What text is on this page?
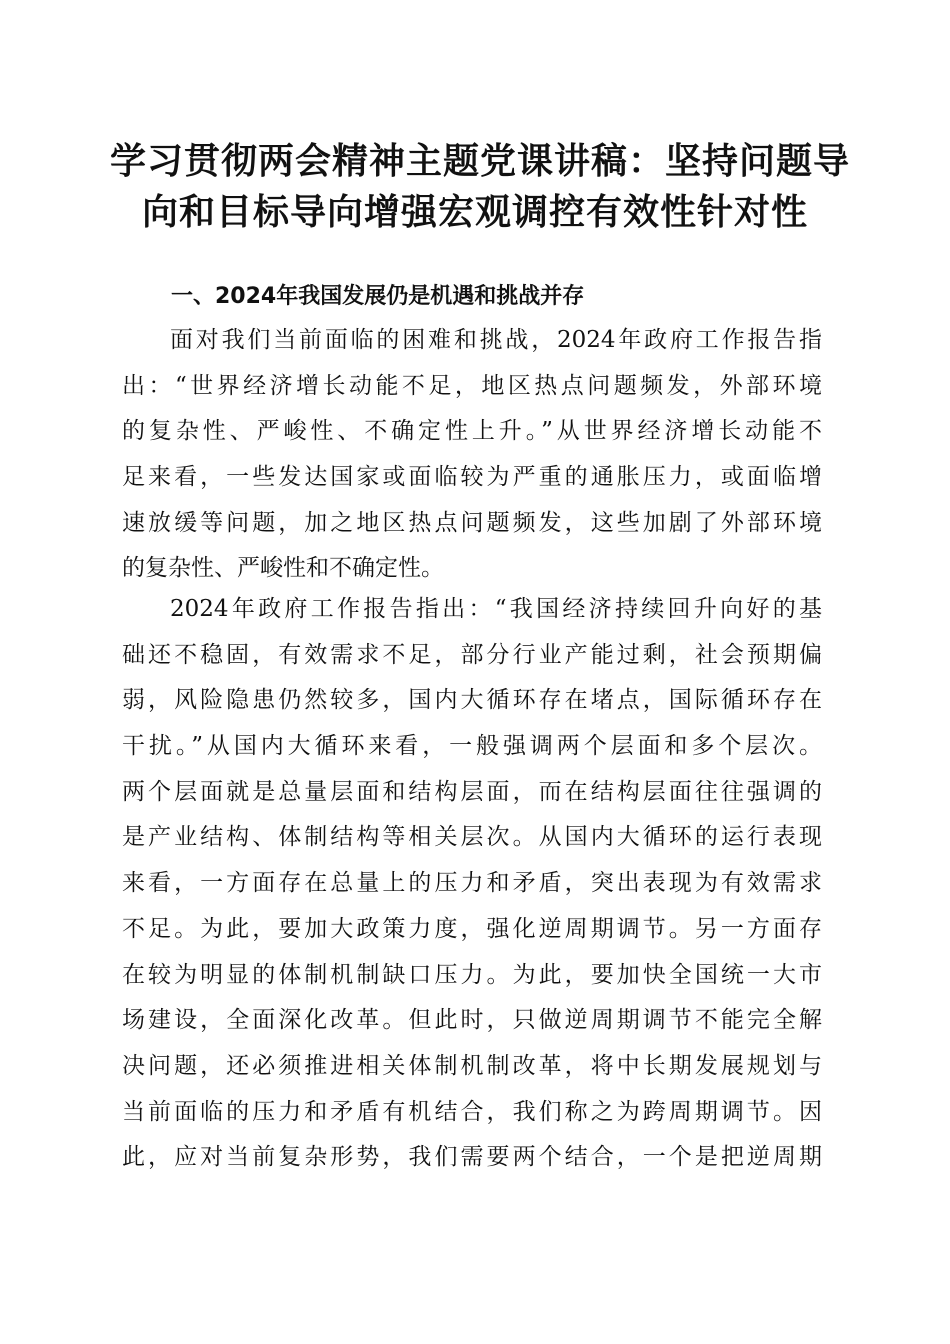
学习贯彻两会精神主题党课讲稿：坚持问题导
向和目标导向增强宏观调控有效性针对性
一、2024年我国发展仍是机遇和挑战并存
面对我们当前面临的困难和挑战，2024年政府工作报告指
出：“世界经济增长动能不足，地区热点问题频发，外部环境
的复杂性、严峻性、不确定性上升。”从世界经济增长动能不
足来看，一些发达国家或面临较为严重的通胀压力，或面临增
速放缓等问题，加之地区热点问题频发，这些加剧了外部环境
的复杂性、严峻性和不确定性。
2024年政府工作报告指出：“我国经济持续回升向好的基
础还不稳固，有效需求不足，部分行业产能过剩，社会预期偏
弱，风险隐患仍然较多，国内大循环存在堵点，国际循环存在
干扰。”从国内大循环来看，一般强调两个层面和多个层次。
两个层面就是总量层面和结构层面，而在结构层面往往强调的
是产业结构、体制结构等相关层次。从国内大循环的运行表现
来看，一方面存在总量上的压力和矛盾，突出表现为有效需求
不足。为此，要加大政策力度，强化逆周期调节。另一方面存
在较为明显的体制机制缺口压力。为此，要加快全国统一大市
场建设，全面深化改革。但此时，只做逆周期调节不能完全解
决问题，还必须推进相关体制机制改革，将中长期发展规划与
当前面临的压力和矛盾有机结合，我们称之为跨周期调节。因
此，应对当前复杂形势，我们需要两个结合，一个是把逆周期
